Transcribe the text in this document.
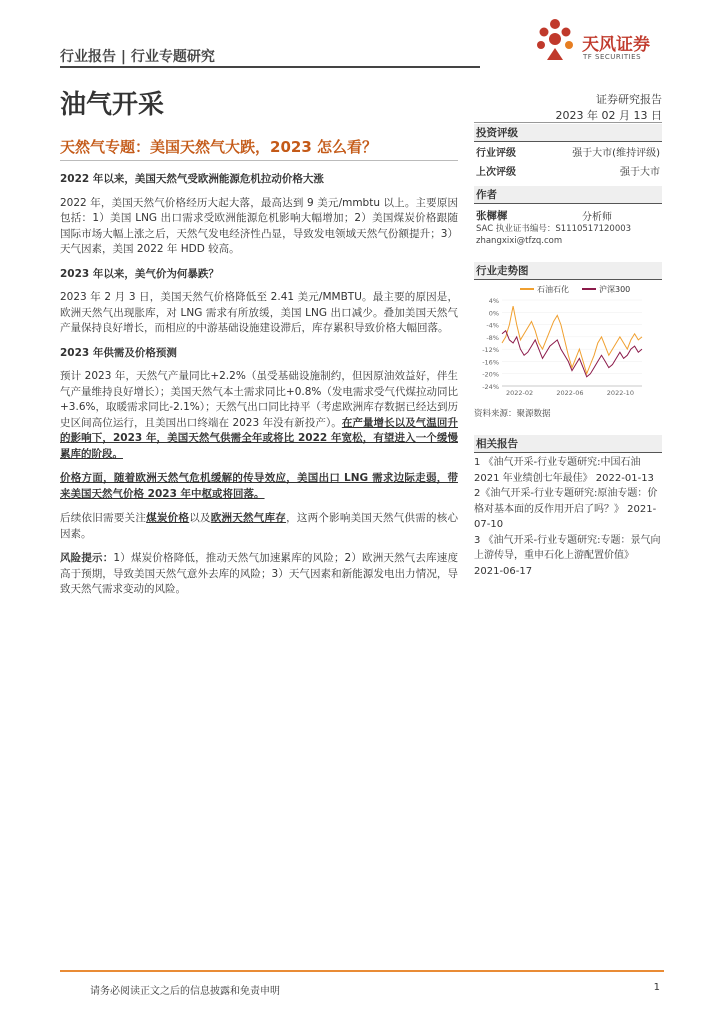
行业报告 | 行业专题研究
天风证券
TF SECURITIES
油气开采	证券研究报告
2023 年 02 月 13 日
天然气专题：美国天然气大跌，2023 怎么看？

2022 年以来，美国天然气受欧洲能源危机拉动价格大涨

2022 年，美国天然气价格经历大起大落，最高达到 9 美元/mmbtu 以上。主要原因包括：1）美国 LNG 出口需求受欧洲能源危机影响大幅增加；2）美国煤炭价格跟随国际市场大幅上涨之后，天然气发电经济性凸显，导致发电领域天然气份额提升；3）天气因素，美国 2022 年 HDD 较高。

2023 年以来，美气价为何暴跌？

2023 年 2 月 3 日，美国天然气价格降低至 2.41 美元/MMBTU。最主要的原因是，欧洲天然气出现胀库，对 LNG 需求有所放缓，美国 LNG 出口减少。叠加美国天然气产量保持良好增长，而相应的中游基础设施建设滞后，库存累积导致价格大幅回落。

2023 年供需及价格预测

预计 2023 年，天然气产量同比+2.2%（虽受基础设施制约，但因原油效益好，伴生气产量维持良好增长）；美国天然气本土需求同比+0.8%（发电需求受气代煤拉动同比+3.6%，取暖需求同比-2.1%）；天然气出口同比持平（考虑欧洲库存数据已经达到历史区间高位运行，且美国出口终端在 2023 年没有新投产）。在产量增长以及气温回升的影响下，2023 年，美国天然气供需全年或将比 2022 年宽松，有望进入一个缓慢累库的阶段。

价格方面，随着欧洲天然气危机缓解的传导效应，美国出口 LNG 需求边际走弱，带来美国天然气价格 2023 年中枢或将回落。

后续依旧需要关注煤炭价格以及欧洲天然气库存，这两个影响美国天然气供需的核心因素。

风险提示：1）煤炭价格降低，推动天然气加速累库的风险；2）欧洲天然气去库速度高于预期，导致美国天然气意外去库的风险；3）天气因素和新能源发电出力情况，导致天然气需求变动的风险。

投资评级
行业评级	强于大市(维持评级)
上次评级	强于大市
作者
张樨樨	分析师
SAC 执业证书编号：S1110517120003
zhangxixi@tfzq.com
行业走势图
石油石化	沪深300
4%
0%
-4%
-8%
-12%
-16%
-20%
-24%
2022-02	2022-06	2022-10
资料来源：聚源数据
相关报告

1 《油气开采-行业专题研究:中国石油 2021 年业绩创七年最佳》 2022-01-13

2《油气开采-行业专题研究:原油专题：价格对基本面的反作用开启了吗？》 2021-07-10

3 《油气开采-行业专题研究:专题：景气向上游传导，重申石化上游配置价值》 2021-06-17

请务必阅读正文之后的信息披露和免责申明	1
